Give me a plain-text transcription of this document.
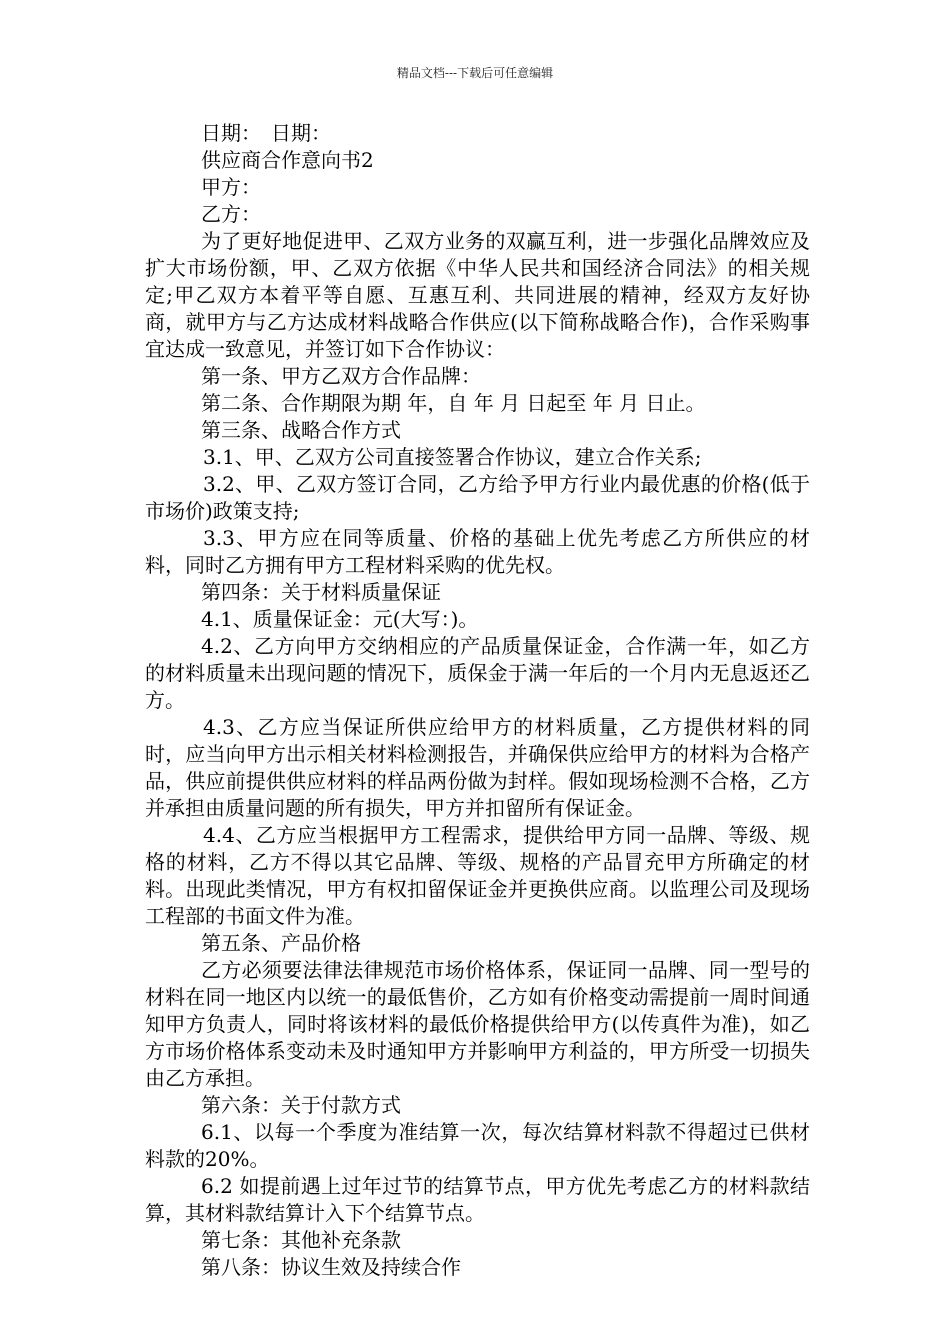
精品文档---下载后可任意编辑

日期：　日期：

供应商合作意向书2

甲方：

乙方：

为了更好地促进甲、乙双方业务的双赢互利，进一步强化品牌效应及扩大市场份额，甲、乙双方依据《中华人民共和国经济合同法》的相关规定;甲乙双方本着平等自愿、互惠互利、共同进展的精神，经双方友好协商，就甲方与乙方达成材料战略合作供应(以下简称战略合作)，合作采购事宜达成一致意见，并签订如下合作协议：

第一条、甲方乙双方合作品牌：

第二条、合作期限为期 年，自 年 月 日起至 年 月 日止。

第三条、战略合作方式

3.1、甲、乙双方公司直接签署合作协议，建立合作关系;

3.2、甲、乙双方签订合同，乙方给予甲方行业内最优惠的价格(低于市场价)政策支持;

3.3、甲方应在同等质量、价格的基础上优先考虑乙方所供应的材料，同时乙方拥有甲方工程材料采购的优先权。

第四条：关于材料质量保证

4.1、质量保证金：元(大写：)。

4.2、乙方向甲方交纳相应的产品质量保证金，合作满一年，如乙方的材料质量未出现问题的情况下，质保金于满一年后的一个月内无息返还乙方。

4.3、乙方应当保证所供应给甲方的材料质量，乙方提供材料的同时，应当向甲方出示相关材料检测报告，并确保供应给甲方的材料为合格产品，供应前提供供应材料的样品两份做为封样。假如现场检测不合格，乙方并承担由质量问题的所有损失，甲方并扣留所有保证金。

4.4、乙方应当根据甲方工程需求，提供给甲方同一品牌、等级、规格的材料，乙方不得以其它品牌、等级、规格的产品冒充甲方所确定的材料。出现此类情况，甲方有权扣留保证金并更换供应商。以监理公司及现场工程部的书面文件为准。

第五条、产品价格

乙方必须要法律法律规范市场价格体系，保证同一品牌、同一型号的材料在同一地区内以统一的最低售价，乙方如有价格变动需提前一周时间通知甲方负责人，同时将该材料的最低价格提供给甲方(以传真件为准)，如乙方市场价格体系变动未及时通知甲方并影响甲方利益的，甲方所受一切损失由乙方承担。

第六条：关于付款方式

6.1、以每一个季度为准结算一次，每次结算材料款不得超过已供材料款的20%。

6.2 如提前遇上过年过节的结算节点，甲方优先考虑乙方的材料款结算，其材料款结算计入下个结算节点。

第七条：其他补充条款

第八条：协议生效及持续合作
